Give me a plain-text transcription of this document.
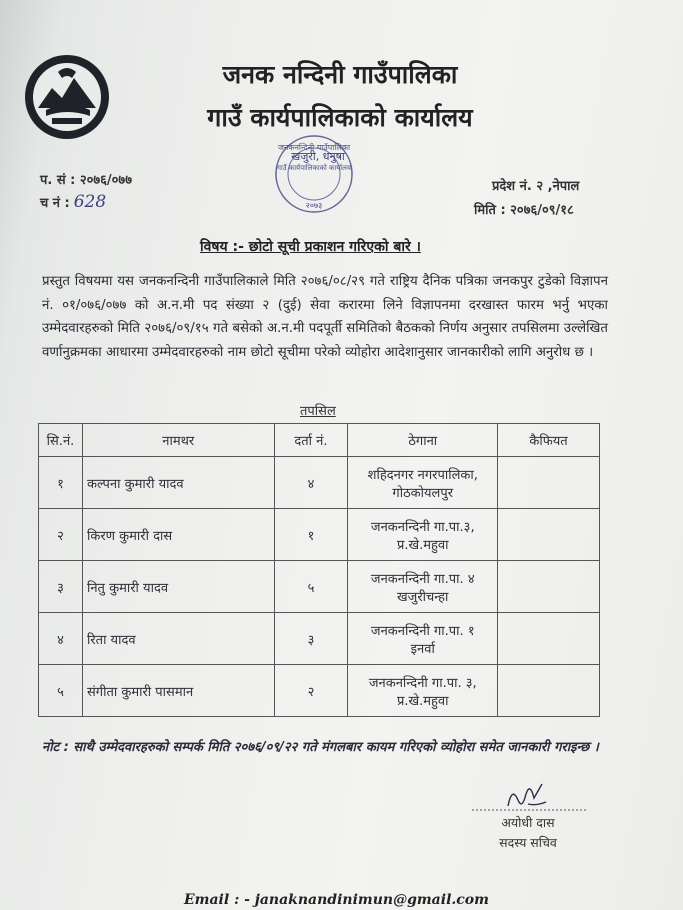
जनक नन्दिनी गाउँपालिका
गाउँ कार्यपालिकाको कार्यालय
जनकनन्दिनी गाउँपालिका
गाउँ कार्यपालिकाको कार्यालय
खजुरी, धनुषा
२०७३
प. सं : २०७६/०७७
च नं : 628
प्रदेश नं. २ ,नेपाल
मिति : २०७६/०९/१८
विषय :- छोटो सूची प्रकाशन गरिएको बारे ।
प्रस्तुत विषयमा यस जनकनन्दिनी गाउँपालिकाले मिति २०७६/०८/२९ गते राष्ट्रिय दैनिक पत्रिका जनकपुर टुडेको विज्ञापन नं. ०१/०७६/०७७ को अ.न.मी पद संख्या २ (दुई) सेवा करारमा लिने विज्ञापनमा दरखास्त फारम भर्नु भएका उम्मेदवारहरुको मिति २०७६/०९/१५ गते बसेको अ.न.मी पदपूर्ती समितिको बैठकको निर्णय अनुसार तपसिलमा उल्लेखित वर्णानुक्रमका आधारमा उम्मेदवारहरुको नाम छोटो सूचीमा परेको व्योहोरा आदेशानुसार जानकारीको लागि अनुरोध छ ।
तपसिल
सि.नं.	नामथर	दर्ता नं.	ठेगाना	कैफियत
१	कल्पना कुमारी यादव	४	शहिदनगर नगरपालिका,
गोठकोयलपुर	

२	किरण कुमारी दास	१	जनकनन्दिनी गा.पा.३,
प्र.खे.महुवा	

३	नितु कुमारी यादव	५	जनकनन्दिनी गा.पा. ४
खजुरीचन्हा	

४	रिता यादव	३	जनकनन्दिनी गा.पा. १
इनर्वा	

५	संगीता कुमारी पासमान	२	जनकनन्दिनी गा.पा. ३,
प्र.खे.महुवा	

नोट : साथै उम्मेदवारहरुको सम्पर्क मिति २०७६/०९/२२ गते मंगलबार कायम गरिएको व्योहोरा समेत जानकारी गराइन्छ ।
अयोधी दास
सदस्य सचिव
Email : - janaknandinimun@gmail.com
